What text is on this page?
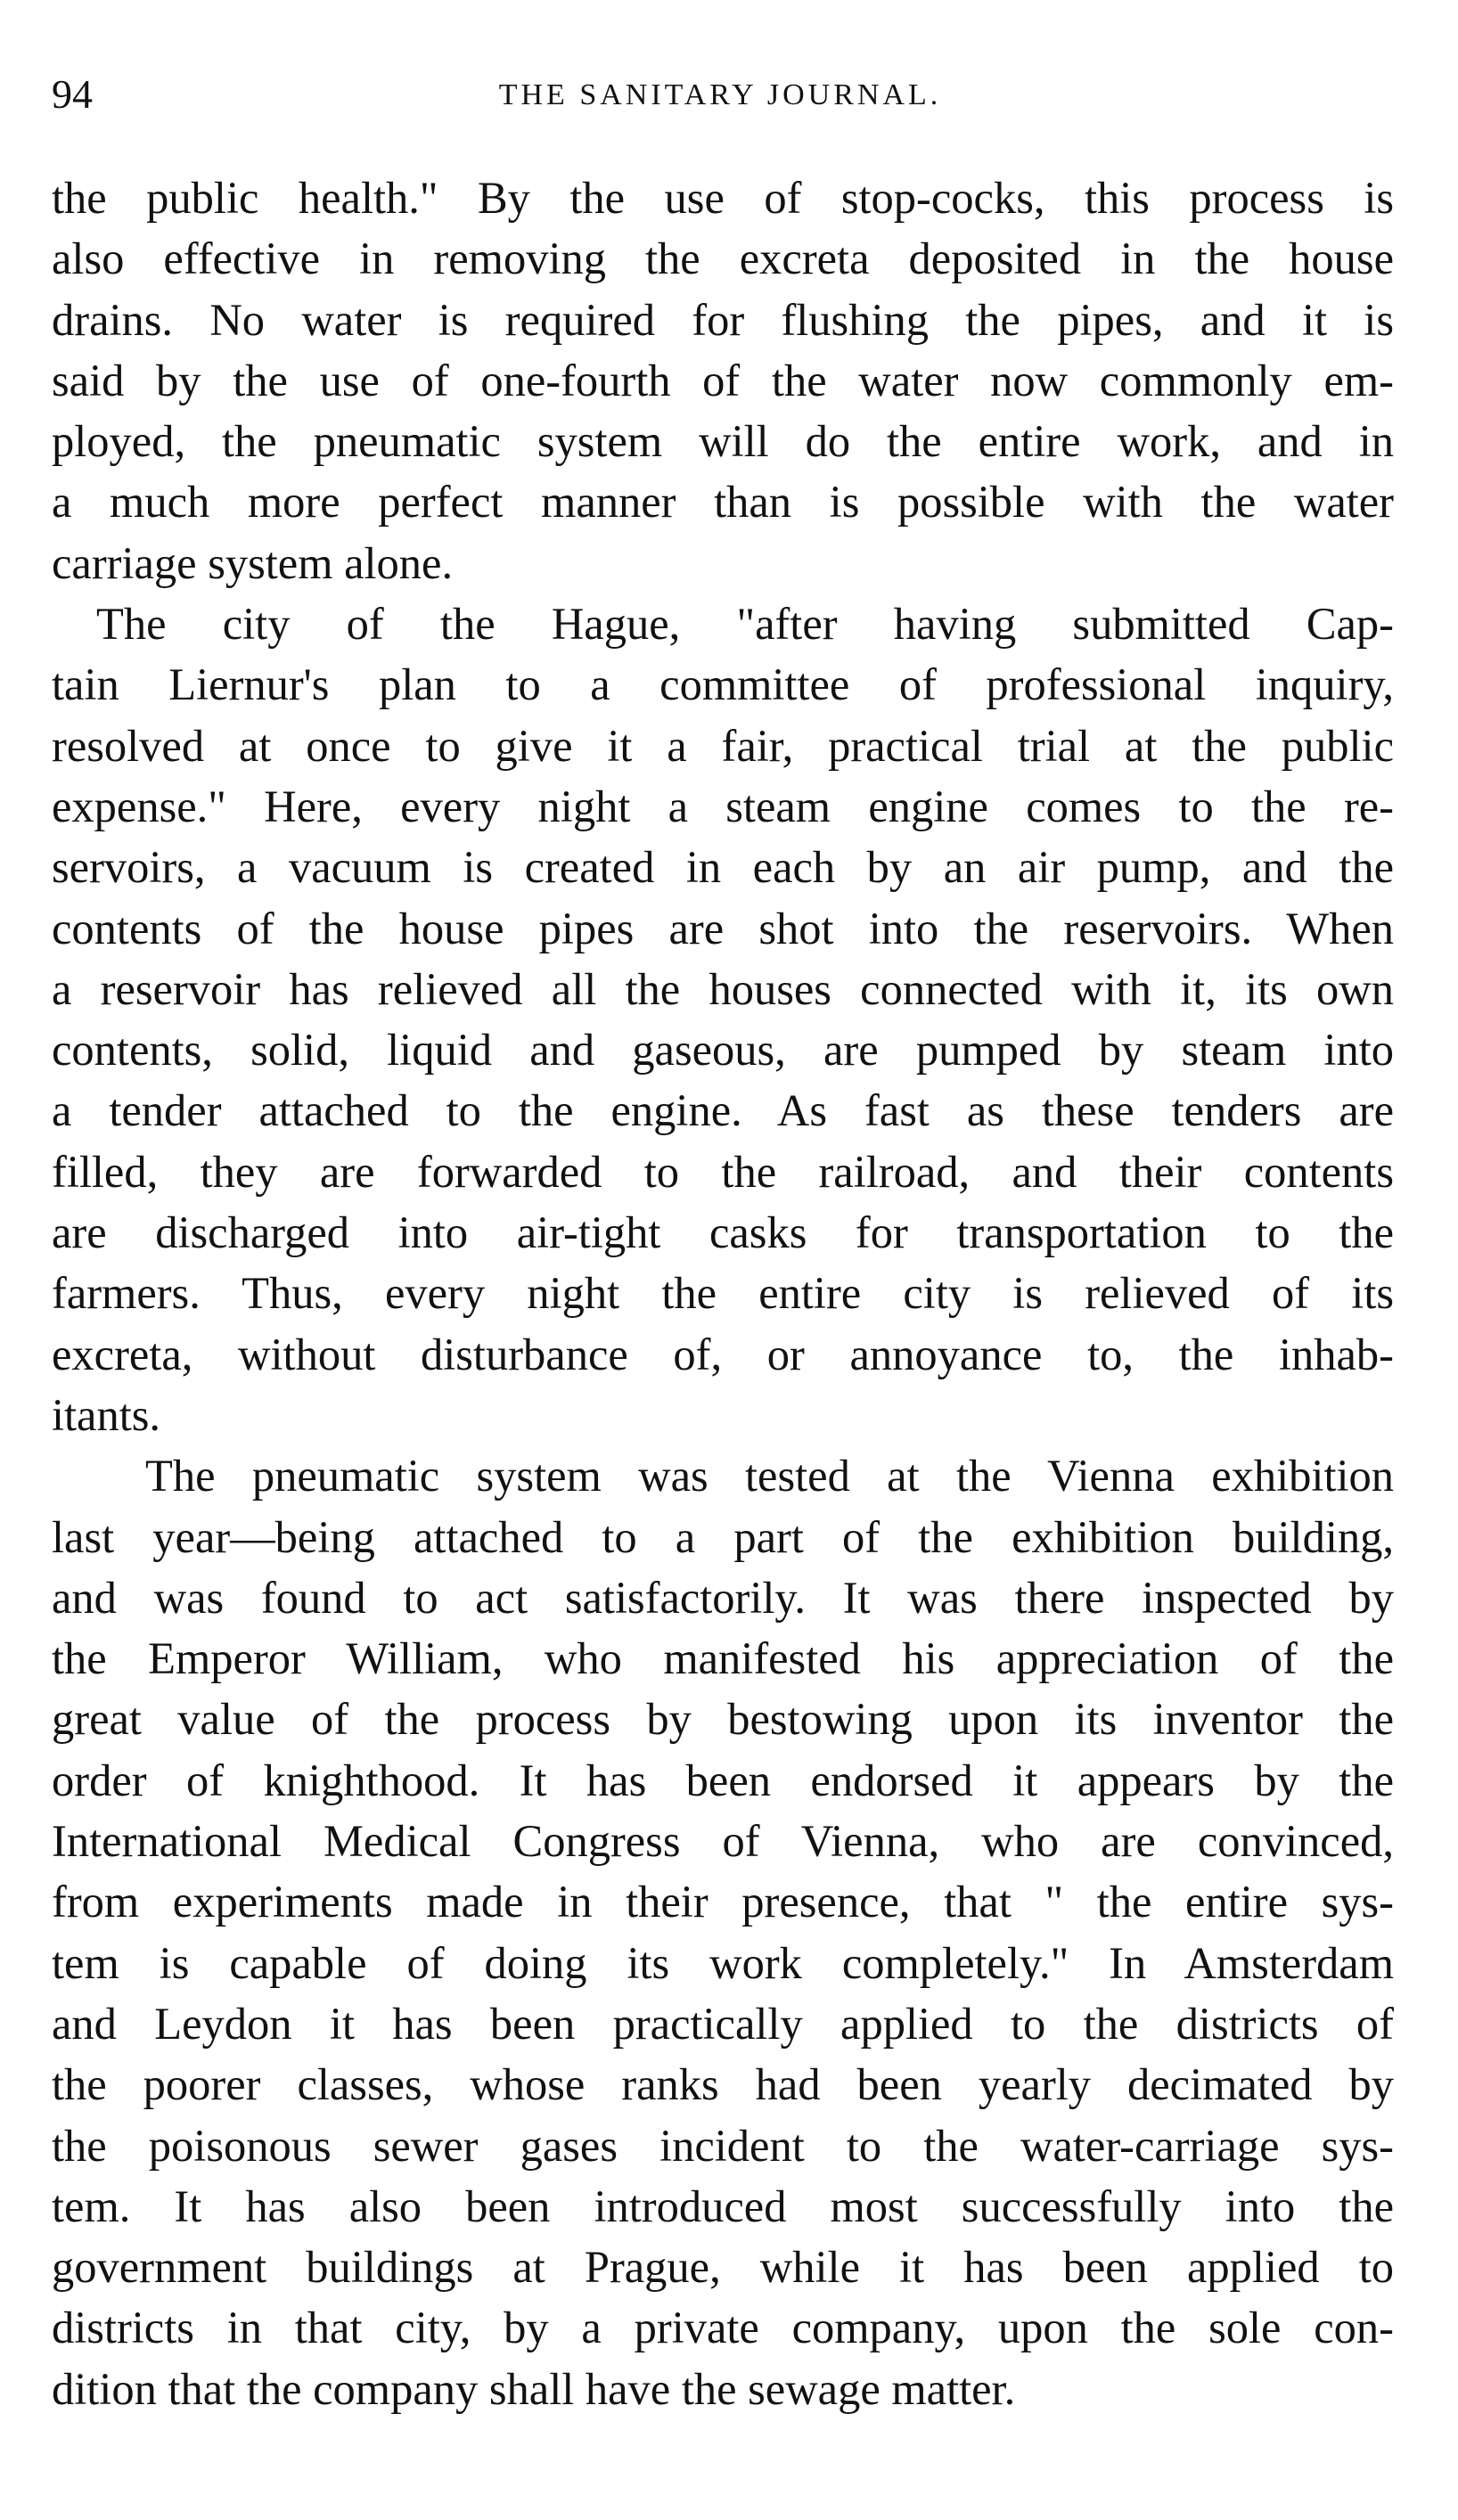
94	THE SANITARY JOURNAL.
the public health." By the use of stop-cocks, this process is
also effective in removing the excreta deposited in the house
drains. No water is required for flushing the pipes, and it is
said by the use of one-fourth of the water now commonly em-
ployed, the pneumatic system will do the entire work, and in
a much more perfect manner than is possible with the water
carriage system alone.
The city of the Hague, "after having submitted Cap-
tain Liernur's plan to a committee of professional inquiry,
resolved at once to give it a fair, practical trial at the public
expense." Here, every night a steam engine comes to the re-
servoirs, a vacuum is created in each by an air pump, and the
contents of the house pipes are shot into the reservoirs. When
a reservoir has relieved all the houses connected with it, its own
contents, solid, liquid and gaseous, are pumped by steam into
a tender attached to the engine. As fast as these tenders are
filled, they are forwarded to the railroad, and their contents
are discharged into air-tight casks for transportation to the
farmers. Thus, every night the entire city is relieved of its
excreta, without disturbance of, or annoyance to, the inhab-
itants.
The pneumatic system was tested at the Vienna exhibition
last year—being attached to a part of the exhibition building,
and was found to act satisfactorily. It was there inspected by
the Emperor William, who manifested his appreciation of the
great value of the process by bestowing upon its inventor the
order of knighthood. It has been endorsed it appears by the
International Medical Congress of Vienna, who are convinced,
from experiments made in their presence, that " the entire sys-
tem is capable of doing its work completely." In Amsterdam
and Leydon it has been practically applied to the districts of
the poorer classes, whose ranks had been yearly decimated by
the poisonous sewer gases incident to the water-carriage sys-
tem. It has also been introduced most successfully into the
government buildings at Prague, while it has been applied to
districts in that city, by a private company, upon the sole con-
dition that the company shall have the sewage matter.
